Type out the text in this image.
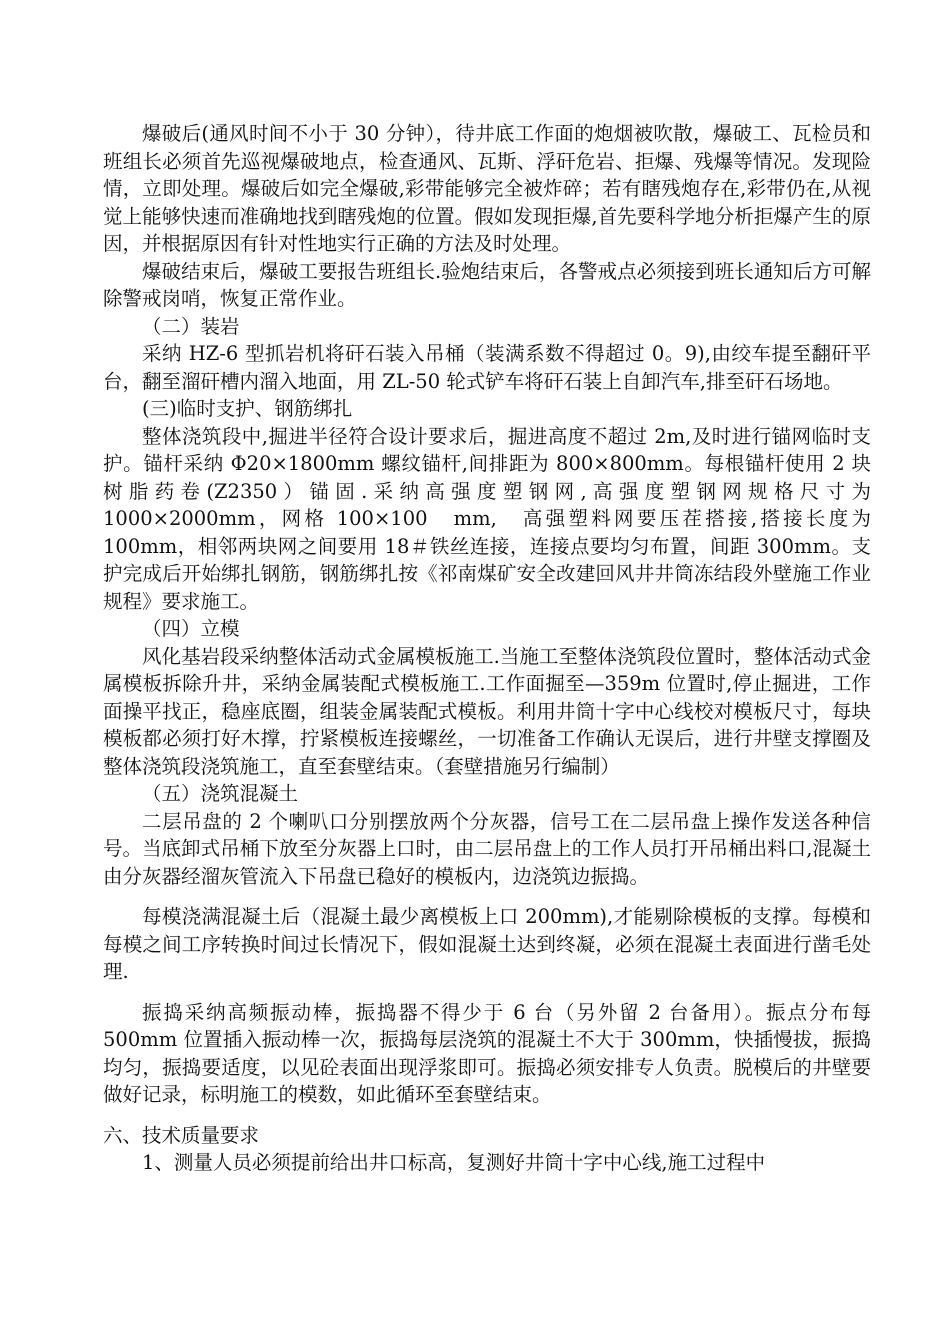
爆破后(通风时间不小于 30 分钟），待井底工作面的炮烟被吹散，爆破工、瓦检员和班组长必须首先巡视爆破地点，检查通风、瓦斯、浮矸危岩、拒爆、残爆等情况。发现险情，立即处理。爆破后如完全爆破,彩带能够完全被炸碎；若有瞎残炮存在,彩带仍在,从视觉上能够快速而准确地找到瞎残炮的位置。假如发现拒爆,首先要科学地分析拒爆产生的原因，并根据原因有针对性地实行正确的方法及时处理。

爆破结束后，爆破工要报告班组长.验炮结束后，各警戒点必须接到班长通知后方可解除警戒岗哨，恢复正常作业。

（二）装岩

采纳 HZ-6 型抓岩机将矸石装入吊桶（装满系数不得超过 0。9),由绞车提至翻矸平台，翻至溜矸槽内溜入地面，用 ZL-50 轮式铲车将矸石装上自卸汽车,排至矸石场地。

(三)临时支护、钢筋绑扎

整体浇筑段中,掘进半径符合设计要求后，掘进高度不超过 2m,及时进行锚网临时支护。锚杆采纳 Φ20×1800mm 螺纹锚杆,间排距为 800×800mm。每根锚杆使用 2 块树脂药卷(Z2350）锚固.采纳高强度塑钢网,高强度塑钢网规格尺寸为 1000×2000mm，网格 100×100　mm,　高强塑料网要压茬搭接,搭接长度为 100mm，相邻两块网之间要用 18＃铁丝连接，连接点要均匀布置，间距 300mm。支护完成后开始绑扎钢筋，钢筋绑扎按《祁南煤矿安全改建回风井井筒冻结段外壁施工作业规程》要求施工。

（四）立模

风化基岩段采纳整体活动式金属模板施工.当施工至整体浇筑段位置时，整体活动式金属模板拆除升井，采纳金属装配式模板施工.工作面掘至—359m 位置时,停止掘进，工作面操平找正，稳座底圈，组装金属装配式模板。利用井筒十字中心线校对模板尺寸，每块模板都必须打好木撑，拧紧模板连接螺丝，一切准备工作确认无误后，进行井壁支撑圈及整体浇筑段浇筑施工，直至套壁结束。（套壁措施另行编制）

（五）浇筑混凝土

二层吊盘的 2 个喇叭口分别摆放两个分灰器，信号工在二层吊盘上操作发送各种信号。当底卸式吊桶下放至分灰器上口时，由二层吊盘上的工作人员打开吊桶出料口,混凝土由分灰器经溜灰管流入下吊盘已稳好的模板内，边浇筑边振捣。

每模浇满混凝土后（混凝土最少离模板上口 200mm),才能剔除模板的支撑。每模和每模之间工序转换时间过长情况下，假如混凝土达到终凝，必须在混凝土表面进行凿毛处理.

振捣采纳高频振动棒，振捣器不得少于 6 台（另外留 2 台备用）。振点分布每 500mm 位置插入振动棒一次，振捣每层浇筑的混凝土不大于 300mm，快插慢拔，振捣均匀，振捣要适度，以见砼表面出现浮浆即可。振捣必须安排专人负责。脱模后的井壁要做好记录，标明施工的模数，如此循环至套壁结束。

六、技术质量要求

1、测量人员必须提前给出井口标高，复测好井筒十字中心线,施工过程中
